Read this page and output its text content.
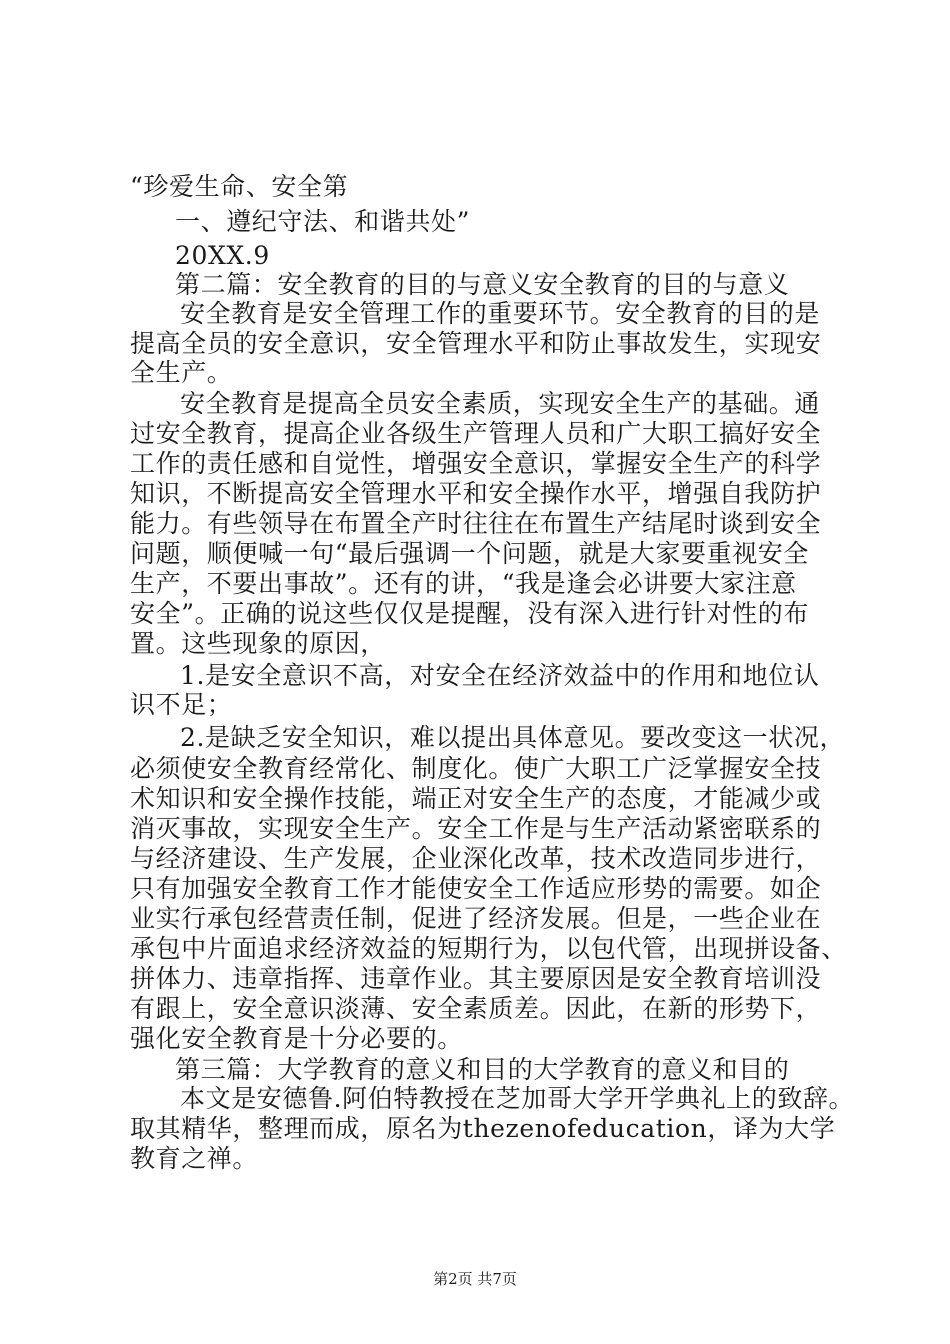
“珍爱生命、安全第

一、遵纪守法、和谐共处”

20XX.9

第二篇：安全教育的目的与意义安全教育的目的与意义

安全教育是安全管理工作的重要环节。安全教育的目的是

提高全员的安全意识，安全管理水平和防止事故发生，实现安

全生产。

安全教育是提高全员安全素质，实现安全生产的基础。通

过安全教育，提高企业各级生产管理人员和广大职工搞好安全

工作的责任感和自觉性，增强安全意识，掌握安全生产的科学

知识，不断提高安全管理水平和安全操作水平，增强自我防护

能力。有些领导在布置全产时往往在布置生产结尾时谈到安全

问题，顺便喊一句“最后强调一个问题，就是大家要重视安全

生产，不要出事故”。还有的讲，“我是逢会必讲要大家注意

安全”。正确的说这些仅仅是提醒，没有深入进行针对性的布

置。这些现象的原因，

1.是安全意识不高，对安全在经济效益中的作用和地位认

识不足；

2.是缺乏安全知识，难以提出具体意见。要改变这一状况，

必须使安全教育经常化、制度化。使广大职工广泛掌握安全技

术知识和安全操作技能，端正对安全生产的态度，才能减少或

消灭事故，实现安全生产。安全工作是与生产活动紧密联系的

与经济建设、生产发展，企业深化改革，技术改造同步进行，

只有加强安全教育工作才能使安全工作适应形势的需要。如企

业实行承包经营责任制，促进了经济发展。但是，一些企业在

承包中片面追求经济效益的短期行为，以包代管，出现拼设备、

拼体力、违章指挥、违章作业。其主要原因是安全教育培训没

有跟上，安全意识淡薄、安全素质差。因此，在新的形势下，

强化安全教育是十分必要的。

第三篇：大学教育的意义和目的大学教育的意义和目的

本文是安德鲁.阿伯特教授在芝加哥大学开学典礼上的致辞。

取其精华，整理而成，原名为thezenofeducation，译为大学

教育之禅。

第2页 共7页
